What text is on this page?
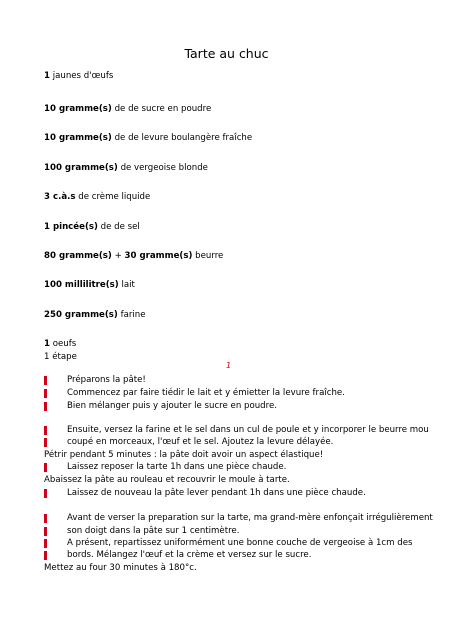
Tarte au chuc
1 jaunes d'œufs
10 gramme(s) de de sucre en poudre
10 gramme(s) de de levure boulangère fraîche
100 gramme(s) de vergeoise blonde
3 c.à.s de crème liquide
1 pincée(s) de de sel
80 gramme(s) + 30 gramme(s) beurre
100 millilitre(s) lait
250 gramme(s) farine
1 oeufs
1 étape
1
Préparons la pâte!
Commencez par faire tiédir le lait et y émietter la levure fraîche.
Bien mélanger puis y ajouter le sucre en poudre.
Ensuite, versez la farine et le sel dans un cul de poule et y incorporer le beurre mou
coupé en morceaux, l'œuf et le sel. Ajoutez la levure délayée.
Pétrir pendant 5 minutes : la pâte doit avoir un aspect élastique!
Laissez reposer la tarte 1h dans une pièce chaude.
Abaissez la pâte au rouleau et recouvrir le moule à tarte.
Laissez de nouveau la pâte lever pendant 1h dans une pièce chaude.
Avant de verser la preparation sur la tarte, ma grand-mère enfonçait irrégulièrement
son doigt dans la pâte sur 1 centimètre.
A présent, repartissez uniformément une bonne couche de vergeoise à 1cm des
bords. Mélangez l'œuf et la crème et versez sur le sucre.
Mettez au four 30 minutes à 180°c.
